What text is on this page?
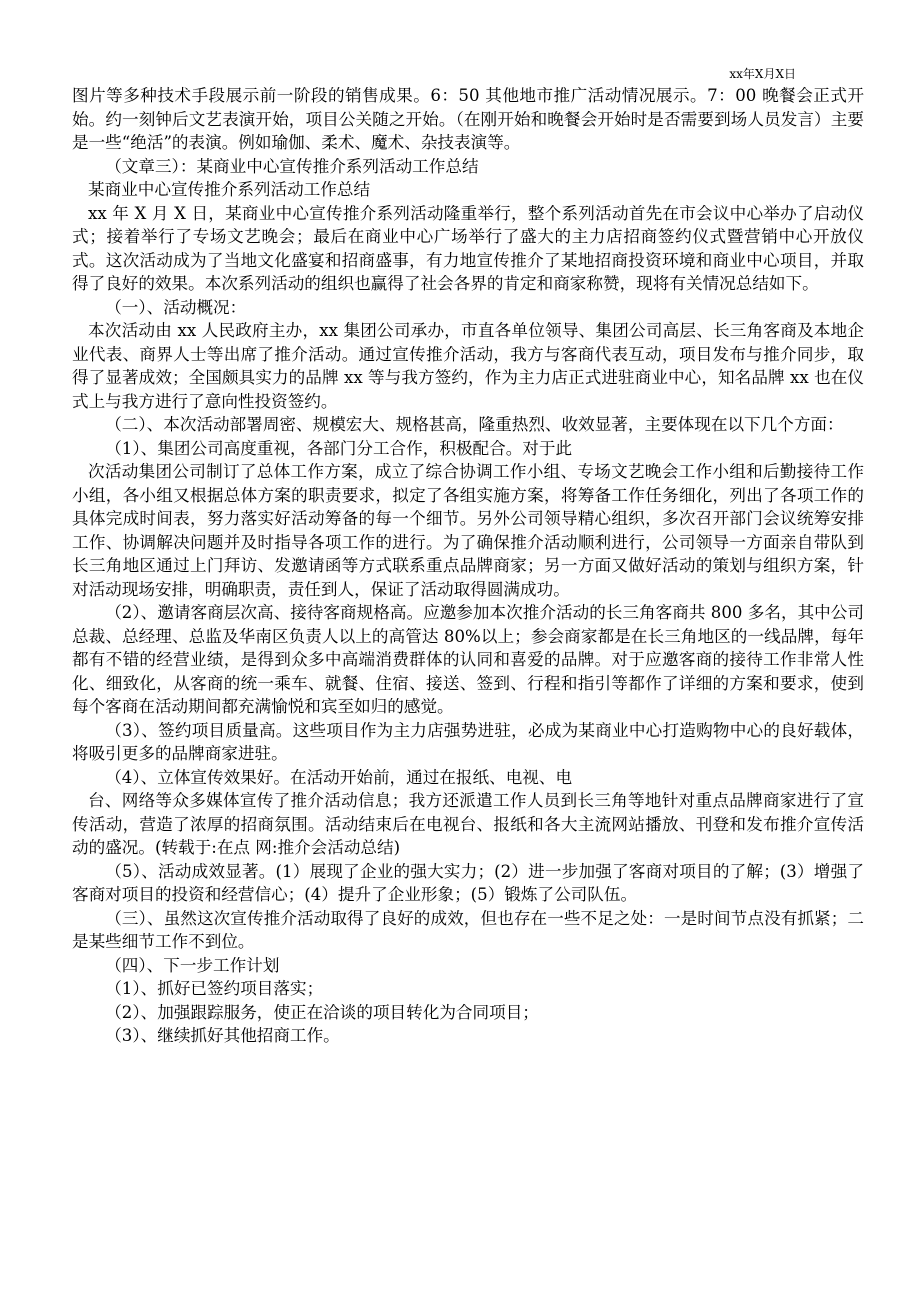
xx年X月X日

图片等多种技术手段展示前一阶段的销售成果。6：50 其他地市推广活动情况展示。7：00 晚餐会正式开始。约一刻钟后文艺表演开始，项目公关随之开始。（在刚开始和晚餐会开始时是否需要到场人员发言）主要是一些“绝活”的表演。例如瑜伽、柔术、魔术、杂技表演等。

（文章三）：某商业中心宣传推介系列活动工作总结

某商业中心宣传推介系列活动工作总结

xx 年 X 月 X 日，某商业中心宣传推介系列活动隆重举行，整个系列活动首先在市会议中心举办了启动仪式；接着举行了专场文艺晚会；最后在商业中心广场举行了盛大的主力店招商签约仪式暨营销中心开放仪式。这次活动成为了当地文化盛宴和招商盛事，有力地宣传推介了某地招商投资环境和商业中心项目，并取得了良好的效果。本次系列活动的组织也赢得了社会各界的肯定和商家称赞，现将有关情况总结如下。

（一）、活动概况：

本次活动由 xx 人民政府主办，xx 集团公司承办，市直各单位领导、集团公司高层、长三角客商及本地企业代表、商界人士等出席了推介活动。通过宣传推介活动，我方与客商代表互动，项目发布与推介同步，取得了显著成效；全国颇具实力的品牌 xx 等与我方签约，作为主力店正式进驻商业中心，知名品牌 xx 也在仪式上与我方进行了意向性投资签约。

（二）、本次活动部署周密、规模宏大、规格甚高，隆重热烈、收效显著，主要体现在以下几个方面：

（1）、集团公司高度重视，各部门分工合作，积极配合。对于此

次活动集团公司制订了总体工作方案，成立了综合协调工作小组、专场文艺晚会工作小组和后勤接待工作小组，各小组又根据总体方案的职责要求，拟定了各组实施方案，将筹备工作任务细化，列出了各项工作的具体完成时间表，努力落实好活动筹备的每一个细节。另外公司领导精心组织，多次召开部门会议统筹安排工作、协调解决问题并及时指导各项工作的进行。为了确保推介活动顺利进行，公司领导一方面亲自带队到长三角地区通过上门拜访、发邀请函等方式联系重点品牌商家；另一方面又做好活动的策划与组织方案，针对活动现场安排，明确职责，责任到人，保证了活动取得圆满成功。

（2）、邀请客商层次高、接待客商规格高。应邀参加本次推介活动的长三角客商共 800 多名，其中公司总裁、总经理、总监及华南区负责人以上的高管达 80%以上；参会商家都是在长三角地区的一线品牌，每年都有不错的经营业绩，是得到众多中高端消费群体的认同和喜爱的品牌。对于应邀客商的接待工作非常人性化、细致化，从客商的统一乘车、就餐、住宿、接送、签到、行程和指引等都作了详细的方案和要求，使到每个客商在活动期间都充满愉悦和宾至如归的感觉。

（3）、签约项目质量高。这些项目作为主力店强势进驻，必成为某商业中心打造购物中心的良好载体，将吸引更多的品牌商家进驻。

（4）、立体宣传效果好。在活动开始前，通过在报纸、电视、电

台、网络等众多媒体宣传了推介活动信息；我方还派遣工作人员到长三角等地针对重点品牌商家进行了宣传活动，营造了浓厚的招商氛围。活动结束后在电视台、报纸和各大主流网站播放、刊登和发布推介宣传活动的盛况。(转载于:在点 网:推介会活动总结)

（5）、活动成效显著。(1）展现了企业的强大实力；(2）进一步加强了客商对项目的了解；(3）增强了客商对项目的投资和经营信心；(4）提升了企业形象；(5）锻炼了公司队伍。

（三）、虽然这次宣传推介活动取得了良好的成效，但也存在一些不足之处：一是时间节点没有抓紧；二是某些细节工作不到位。

（四）、下一步工作计划

（1）、抓好已签约项目落实；

（2）、加强跟踪服务，使正在洽谈的项目转化为合同项目；

（3）、继续抓好其他招商工作。
